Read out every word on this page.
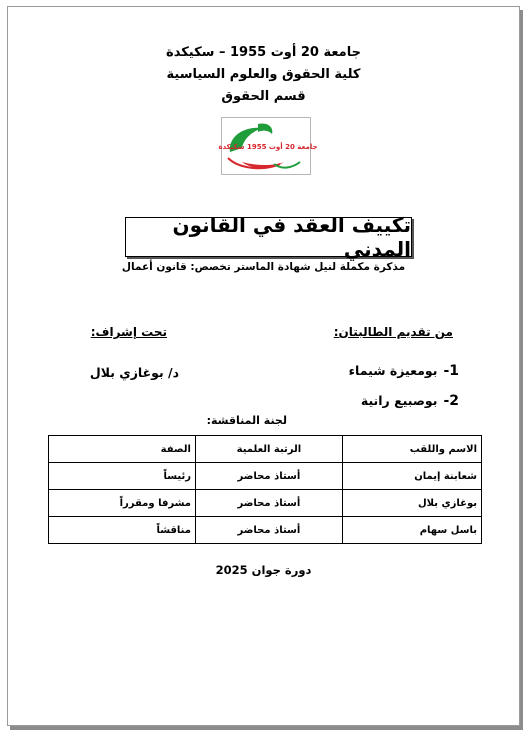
جامعة 20 أوت 1955 – سكيكدة
كلية الحقوق والعلوم السياسية
قسم الحقوق
جامعة 20 أوت 1955 سكيكدة
تكييف العقد في القانون المدني
مذكرة مكملة لنيل شهادة الماستر تخصص: قانون أعمال
من تقديم الطالبتان:
تحت إشراف:
1-
بومعيزة شيماء
د/ بوغازي بلال
2-
بوصبيع رانية
لجنة المناقشة:
الاسم واللقب	الرتبة العلمية	الصفة
شعابنة إيمان	أستاذ محاضر	رئيساً
بوغازي بلال	أستاذ محاضر	مشرفا ومقرراً
باسل سهام	أستاذ محاضر	مناقشاً
دورة جوان 2025
